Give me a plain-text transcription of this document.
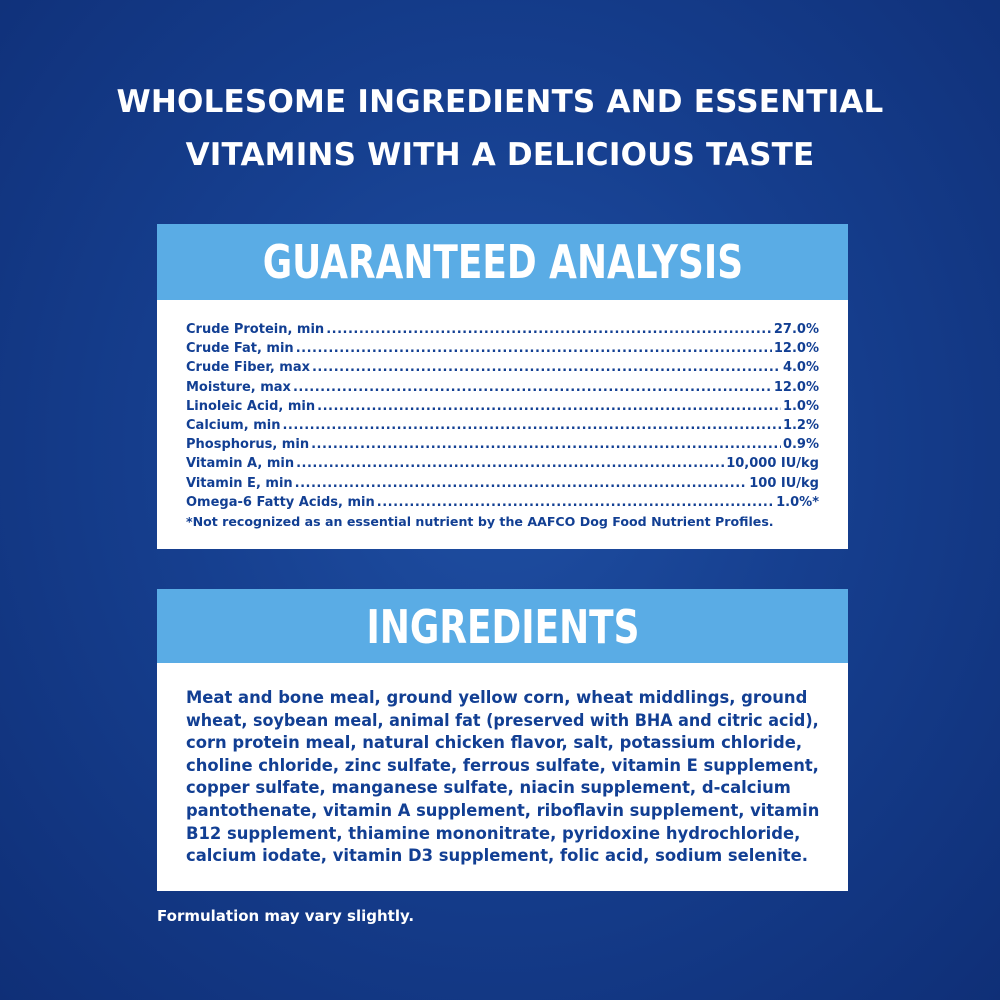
WHOLESOME INGREDIENTS AND ESSENTIAL
VITAMINS WITH A DELICIOUS TASTE
GUARANTEED ANALYSIS
Crude Protein, min .....	27.0%
Crude Fat, min .....	12.0%
Crude Fiber, max .....	4.0%
Moisture, max .....	12.0%
Linoleic Acid, min .....	1.0%
Calcium, min .....	1.2%
Phosphorus, min .....	0.9%
Vitamin A, min .....	10,000 IU/kg
Vitamin E, min .....	100 IU/kg
Omega-6 Fatty Acids, min .....	1.0%*
*Not recognized as an essential nutrient by the AAFCO Dog Food Nutrient Profiles.
INGREDIENTS
Meat and bone meal, ground yellow corn, wheat middlings, ground
wheat, soybean meal, animal fat (preserved with BHA and citric acid),
corn protein meal, natural chicken flavor, salt, potassium chloride,
choline chloride, zinc sulfate, ferrous sulfate, vitamin E supplement,
copper sulfate, manganese sulfate, niacin supplement, d-calcium
pantothenate, vitamin A supplement, riboflavin supplement, vitamin
B12 supplement, thiamine mononitrate, pyridoxine hydrochloride,
calcium iodate, vitamin D3 supplement, folic acid, sodium selenite.
Formulation may vary slightly.
